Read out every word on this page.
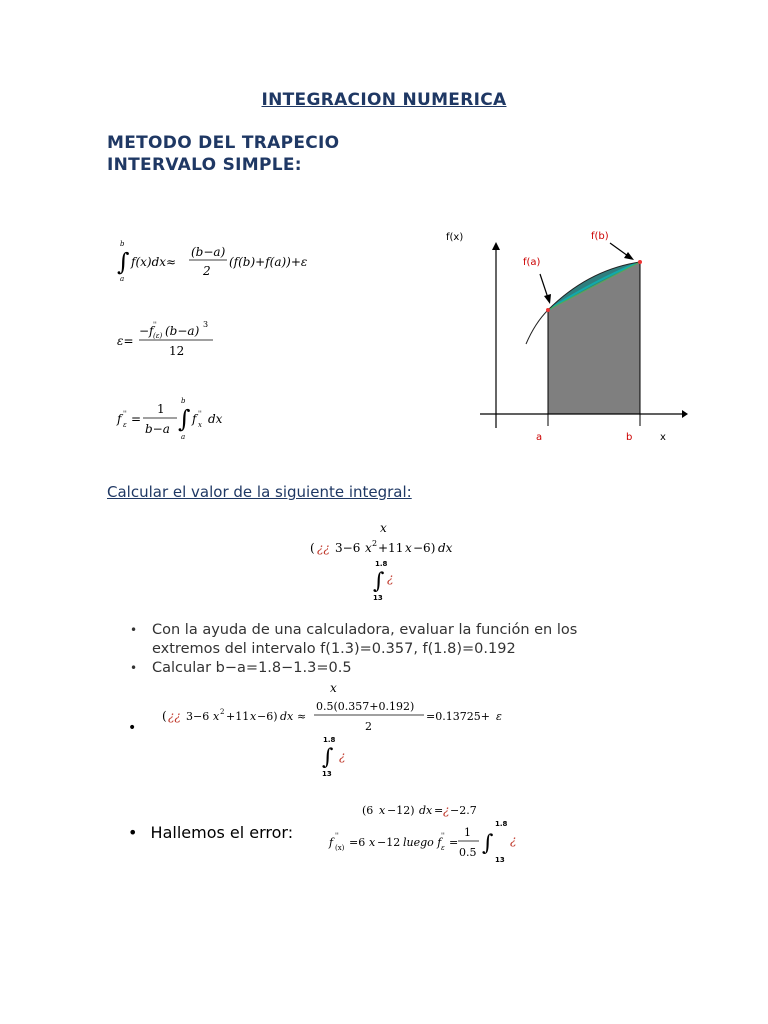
INTEGRACION NUMERICA
METODO DEL TRAPECIO
INTERVALO SIMPLE:
b
∫
a
f(x)dx≈
(b−a)
2
(f(b)+f(a))+ε
ε=
−f ''
(ε) (b−a) 3
12
f ''
ε =
1
b−a
b
∫
a
f ''
x dx
f(x)
f(a)
f(b)
a	b	x
Calcular el valor de la siguiente integral:
x
( ¿¿ 3−6 x 2 +11 x −6) dx
1.8
∫ ¿
13
• Con la ayuda de una calculadora, evaluar la función en los extremos del intervalo f(1.3)=0.357, f(1.8)=0.192
• Calcular b−a=1.8−1.3=0.5
•
x
( ¿¿ 3−6 x 2 +11 x −6) dx ≈
0.5(0.357+0.192)
2
=0.13725+ ε
1.8
∫ ¿
13
• Hallemos el error:
(6 x −12) dx = ¿ −2.7
f ''
(x) =6 x −12 luego f ''
ε =
1
0.5
1.8
∫ ¿
13
